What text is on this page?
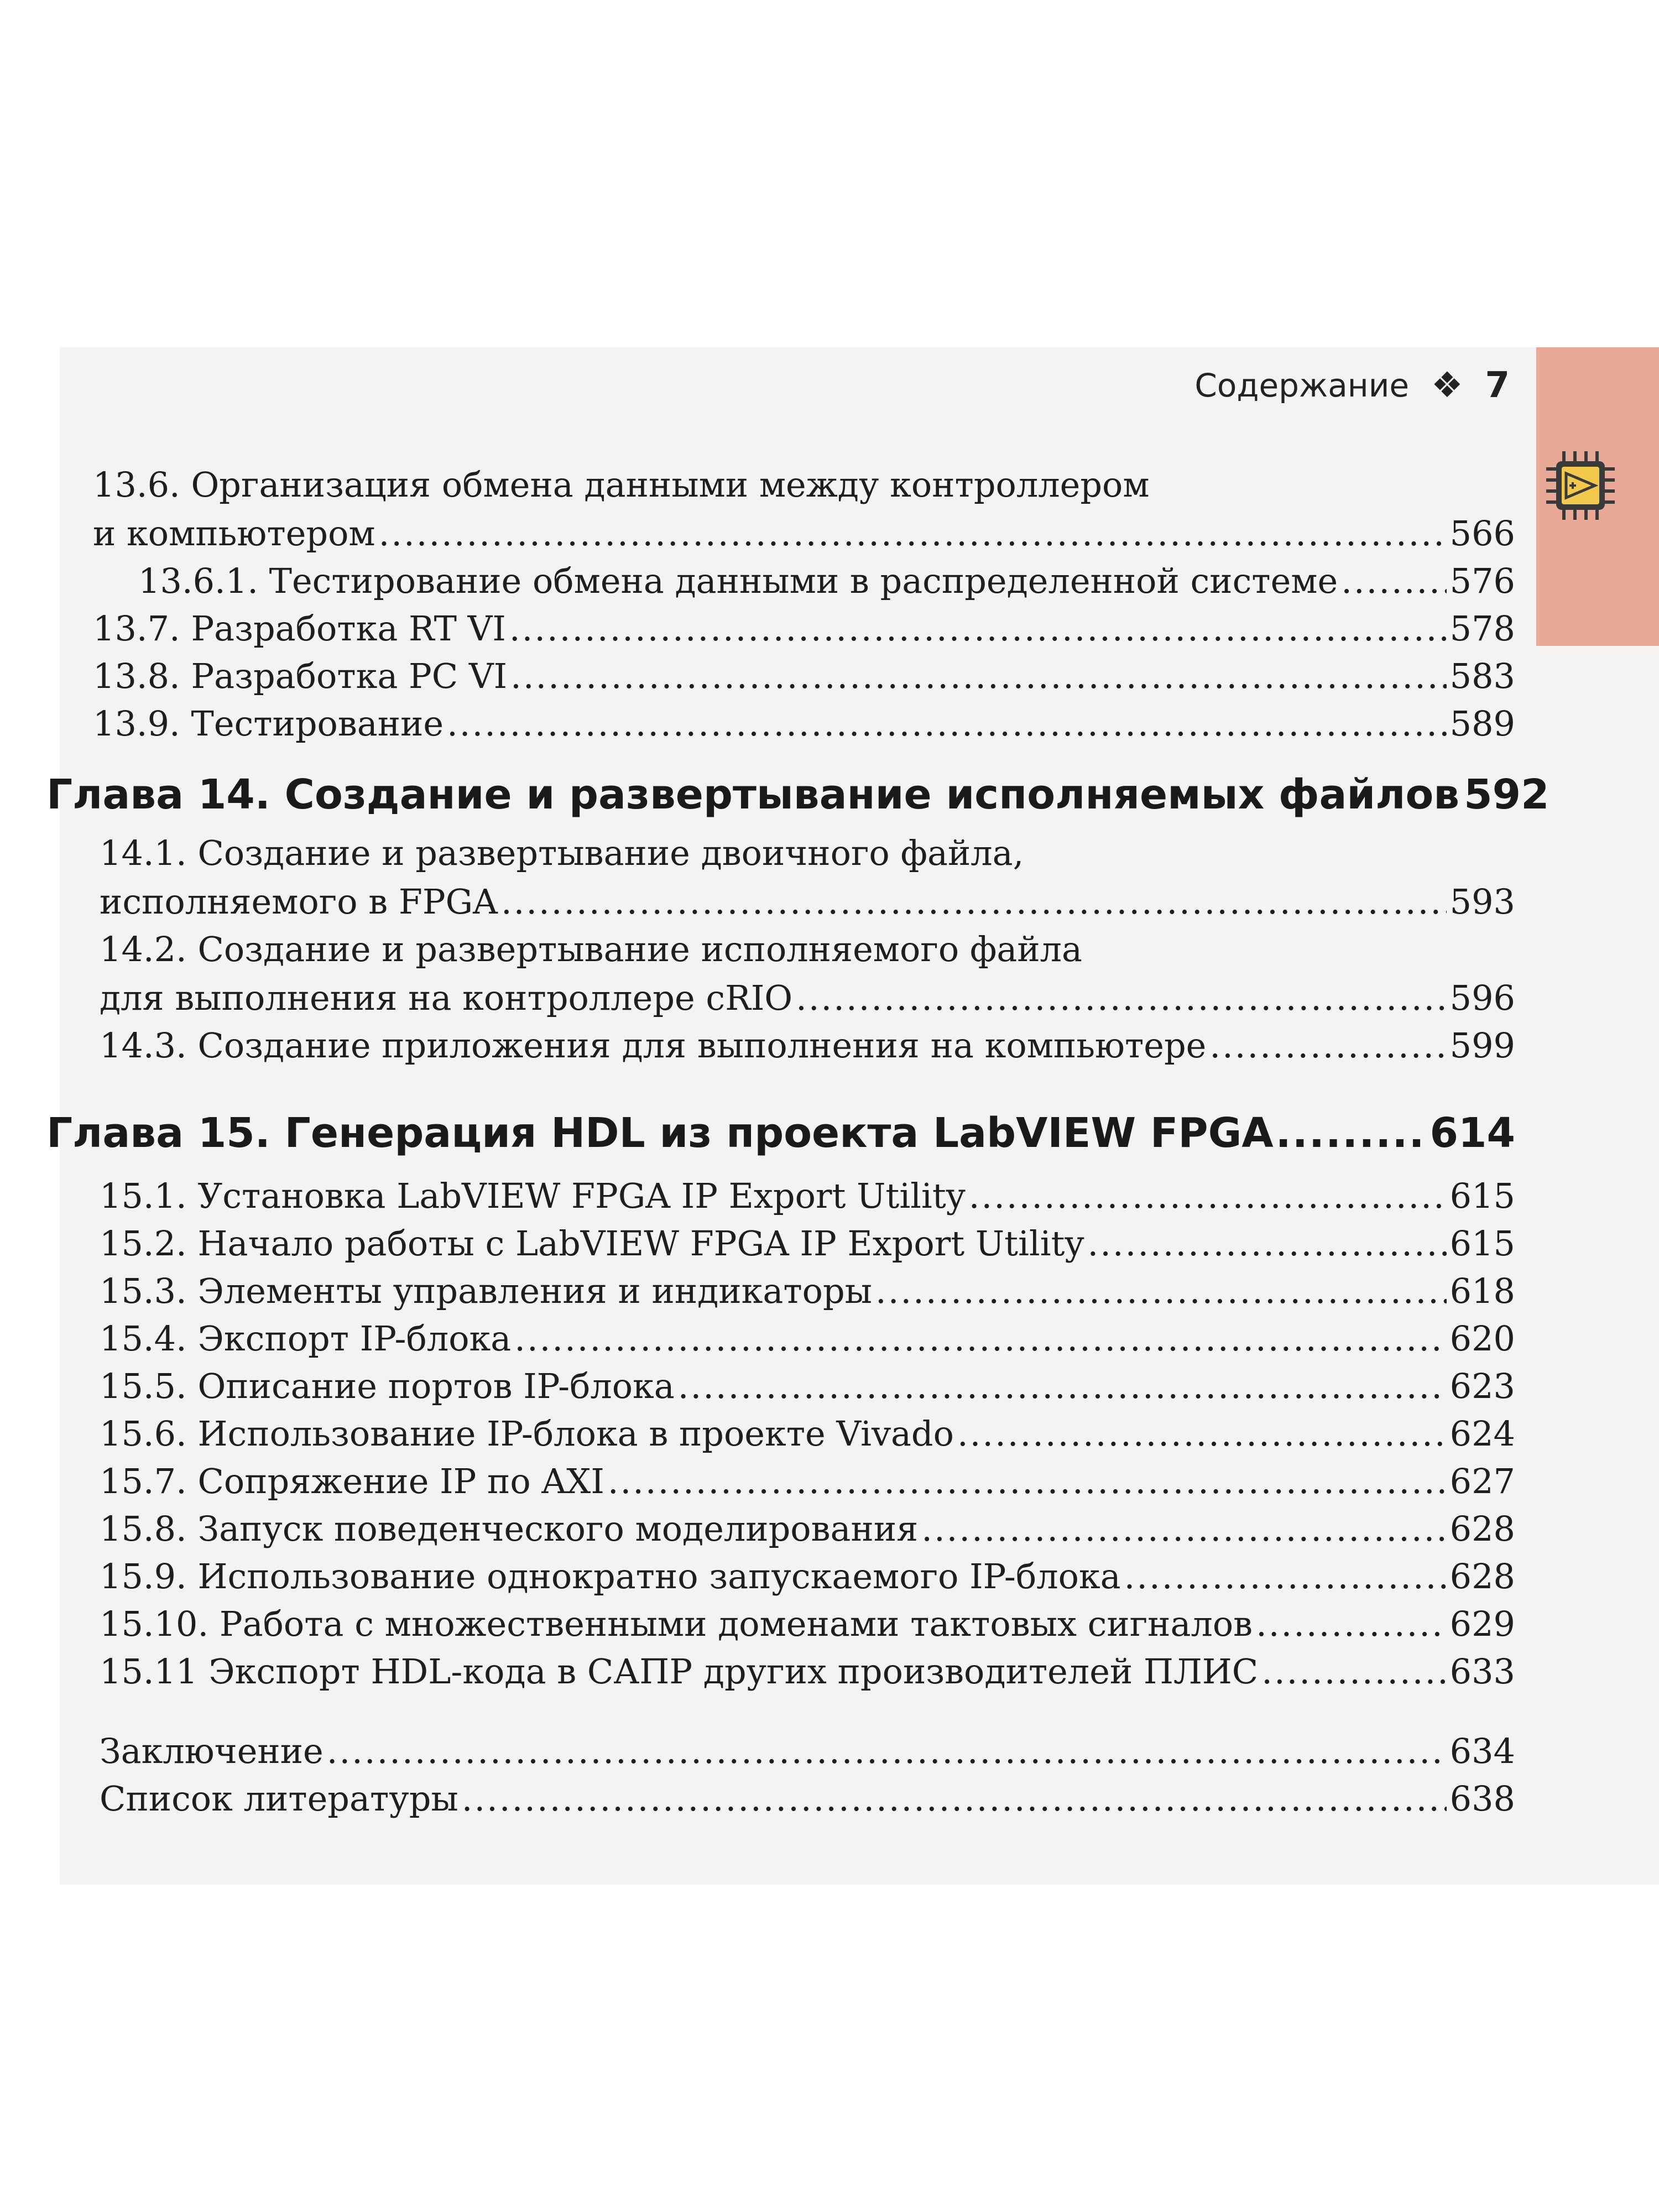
Содержание ❖ 7
13.6. Организация обмена данными между контроллером
и компьютером .....	566
13.6.1. Тестирование обмена данными в распределенной системе .....	576
13.7. Разработка RT VI .....	578
13.8. Разработка PC VI .....	583
13.9. Тестирование .....	589
Глава 14. Создание и развертывание исполняемых файлов 592
14.1. Создание и развертывание двоичного файла,
исполняемого в FPGA .....	593
14.2. Создание и развертывание исполняемого файла
для выполнения на контроллере cRIO .....	596
14.3. Создание приложения для выполнения на компьютере .....	599
Глава 15. Генерация HDL из проекта LabVIEW FPGA .....	614
15.1. Установка LabVIEW FPGA IP Export Utility .....	615
15.2. Начало работы с LabVIEW FPGA IP Export Utility .....	615
15.3. Элементы управления и индикаторы .....	618
15.4. Экспорт IP-блока .....	620
15.5. Описание портов IP-блока .....	623
15.6. Использование IP-блока в проекте Vivado .....	624
15.7. Сопряжение IP по AXI .....	627
15.8. Запуск поведенческого моделирования .....	628
15.9. Использование однократно запускаемого IP-блока .....	628
15.10. Работа с множественными доменами тактовых сигналов .....	629
15.11 Экспорт HDL-кода в САПР других производителей ПЛИС .....	633
Заключение .....	634
Список литературы .....	638
